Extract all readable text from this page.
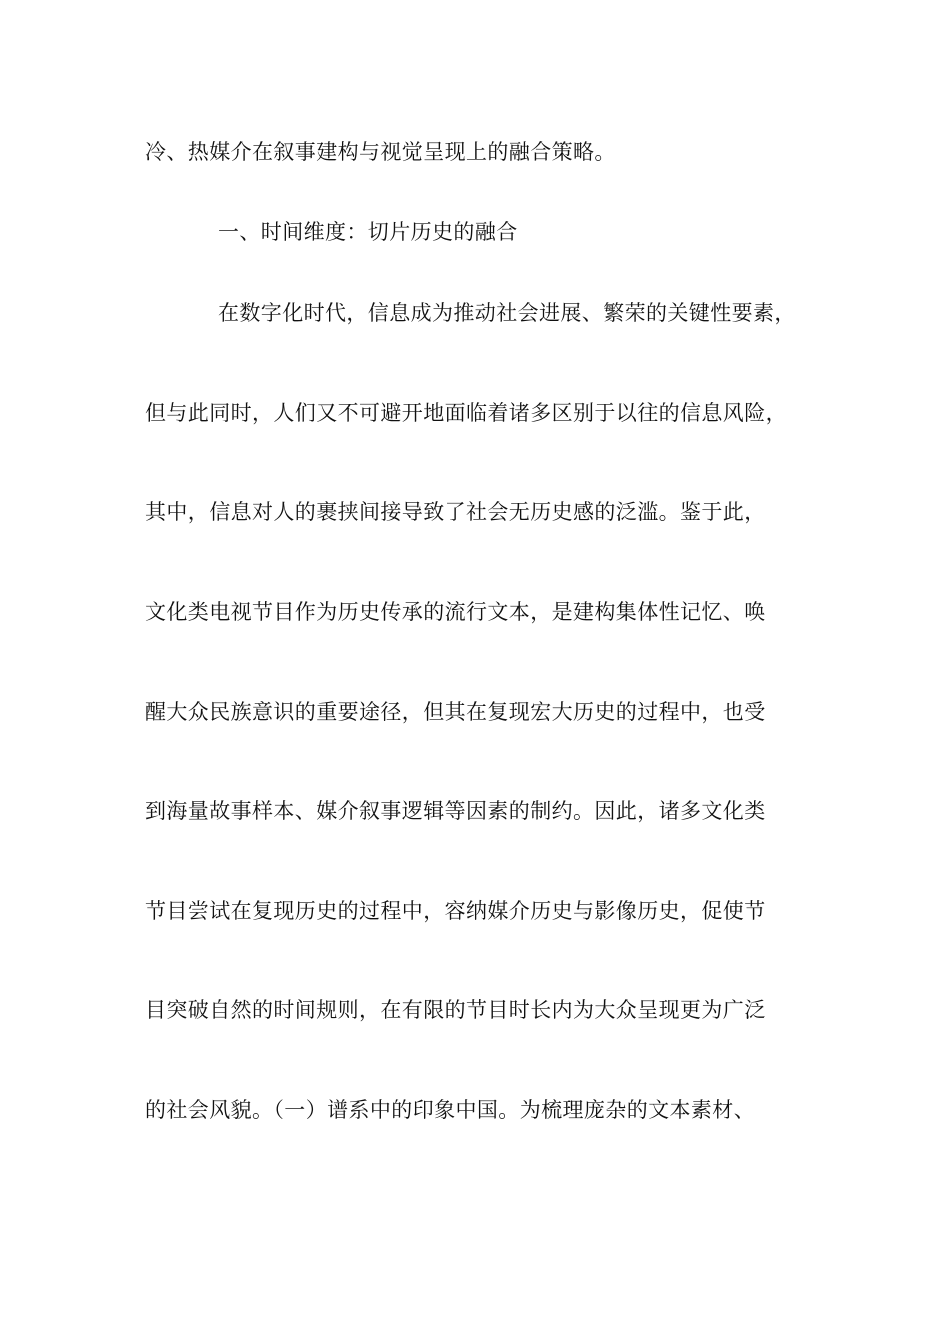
冷、热媒介在叙事建构与视觉呈现上的融合策略。
一、时间维度：切片历史的融合
在数字化时代，信息成为推动社会进展、繁荣的关键性要素，
但与此同时，人们又不可避开地面临着诸多区别于以往的信息风险，
其中，信息对人的裹挟间接导致了社会无历史感的泛滥。鉴于此，
文化类电视节目作为历史传承的流行文本，是建构集体性记忆、唤
醒大众民族意识的重要途径，但其在复现宏大历史的过程中，也受
到海量故事样本、媒介叙事逻辑等因素的制约。因此，诸多文化类
节目尝试在复现历史的过程中，容纳媒介历史与影像历史，促使节
目突破自然的时间规则，在有限的节目时长内为大众呈现更为广泛
的社会风貌。（一）谱系中的印象中国。为梳理庞杂的文本素材、
